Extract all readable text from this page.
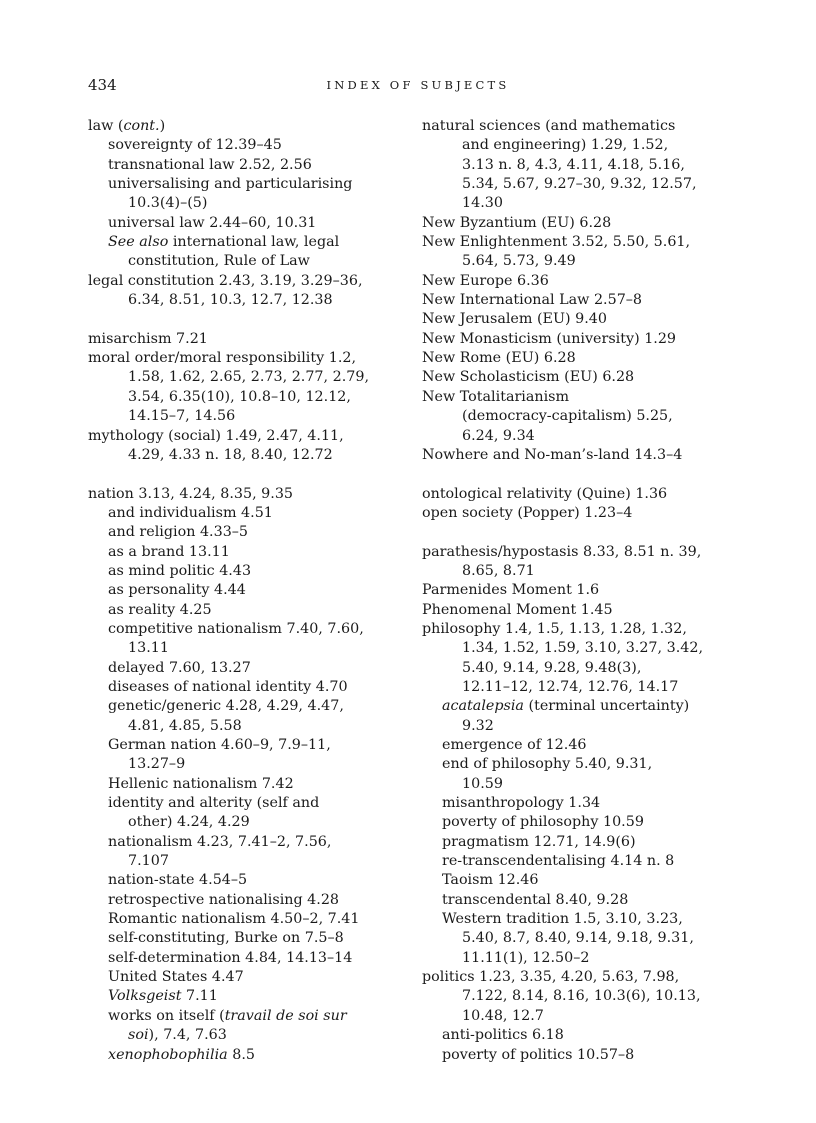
434	INDEX OF SUBJECTS
law (cont.)
sovereignty of 12.39–45
transnational law 2.52, 2.56
universalising and particularising
10.3(4)–(5)
universal law 2.44–60, 10.31
See also international law, legal
constitution, Rule of Law
legal constitution 2.43, 3.19, 3.29–36,
6.34, 8.51, 10.3, 12.7, 12.38
misarchism 7.21
moral order/moral responsibility 1.2,
1.58, 1.62, 2.65, 2.73, 2.77, 2.79,
3.54, 6.35(10), 10.8–10, 12.12,
14.15–7, 14.56
mythology (social) 1.49, 2.47, 4.11,
4.29, 4.33 n. 18, 8.40, 12.72
nation 3.13, 4.24, 8.35, 9.35
and individualism 4.51
and religion 4.33–5
as a brand 13.11
as mind politic 4.43
as personality 4.44
as reality 4.25
competitive nationalism 7.40, 7.60,
13.11
delayed 7.60, 13.27
diseases of national identity 4.70
genetic/generic 4.28, 4.29, 4.47,
4.81, 4.85, 5.58
German nation 4.60–9, 7.9–11,
13.27–9
Hellenic nationalism 7.42
identity and alterity (self and
other) 4.24, 4.29
nationalism 4.23, 7.41–2, 7.56,
7.107
nation-state 4.54–5
retrospective nationalising 4.28
Romantic nationalism 4.50–2, 7.41
self-constituting, Burke on 7.5–8
self-determination 4.84, 14.13–14
United States 4.47
Volksgeist 7.11
works on itself (travail de soi sur
soi), 7.4, 7.63
xenophobophilia 8.5
natural sciences (and mathematics
and engineering) 1.29, 1.52,
3.13 n. 8, 4.3, 4.11, 4.18, 5.16,
5.34, 5.67, 9.27–30, 9.32, 12.57,
14.30
New Byzantium (EU) 6.28
New Enlightenment 3.52, 5.50, 5.61,
5.64, 5.73, 9.49
New Europe 6.36
New International Law 2.57–8
New Jerusalem (EU) 9.40
New Monasticism (university) 1.29
New Rome (EU) 6.28
New Scholasticism (EU) 6.28
New Totalitarianism
(democracy-capitalism) 5.25,
6.24, 9.34
Nowhere and No-man’s-land 14.3–4
ontological relativity (Quine) 1.36
open society (Popper) 1.23–4
parathesis/hypostasis 8.33, 8.51 n. 39,
8.65, 8.71
Parmenides Moment 1.6
Phenomenal Moment 1.45
philosophy 1.4, 1.5, 1.13, 1.28, 1.32,
1.34, 1.52, 1.59, 3.10, 3.27, 3.42,
5.40, 9.14, 9.28, 9.48(3),
12.11–12, 12.74, 12.76, 14.17
acatalepsia (terminal uncertainty)
9.32
emergence of 12.46
end of philosophy 5.40, 9.31,
10.59
misanthropology 1.34
poverty of philosophy 10.59
pragmatism 12.71, 14.9(6)
re-transcendentalising 4.14 n. 8
Taoism 12.46
transcendental 8.40, 9.28
Western tradition 1.5, 3.10, 3.23,
5.40, 8.7, 8.40, 9.14, 9.18, 9.31,
11.11(1), 12.50–2
politics 1.23, 3.35, 4.20, 5.63, 7.98,
7.122, 8.14, 8.16, 10.3(6), 10.13,
10.48, 12.7
anti-politics 6.18
poverty of politics 10.57–8
